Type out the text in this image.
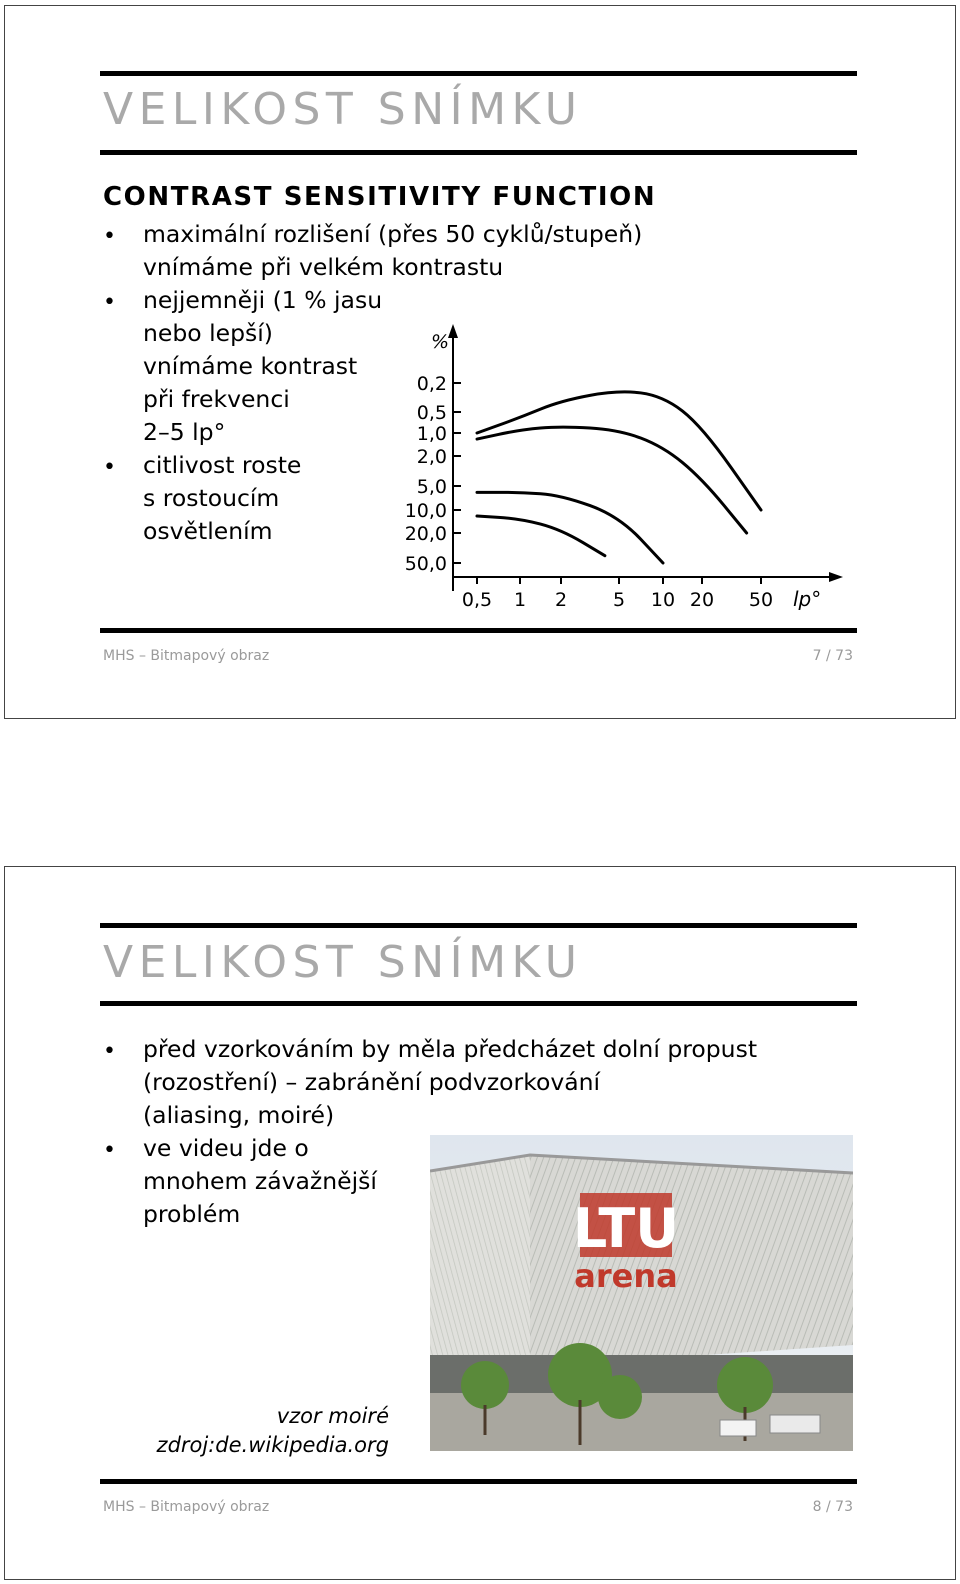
VELIKOST SNÍMKU
CONTRAST SENSITIVITY FUNCTION
• maximální rozlišení (přes 50 cyklů/stupeň)
vnímáme při velkém kontrastu
• nejjemněji (1 % jasu
nebo lepší)
vnímáme kontrast
při frekvenci
2–5 lp°
• citlivost roste
s rostoucím
osvětlením
%
lp°
0,2
0,5
1,0
2,0
5,0
10,0
20,0
50,0
0,5 1 2 5 10 20 50
MHS – Bitmapový obraz	7 / 73
VELIKOST SNÍMKU
• před vzorkováním by měla předcházet dolní propust
(rozostření) – zabránění podvzorkování
(aliasing, moiré)
• ve videu jde o
mnohem závažnější
problém	LTU
arena
vzor moiré
zdroj:de.wikipedia.org
MHS – Bitmapový obraz	8 / 73
